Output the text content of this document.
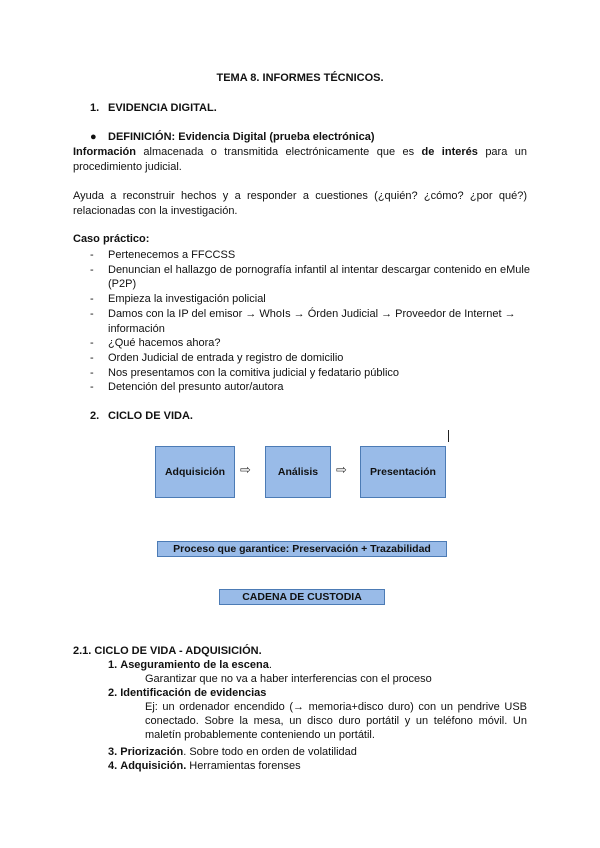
TEMA 8. INFORMES TÉCNICOS.
1. EVIDENCIA DIGITAL.
● DEFINICIÓN: Evidencia Digital (prueba electrónica)
Información almacenada o transmitida electrónicamente que es de interés para un procedimiento judicial.
Ayuda a reconstruir hechos y a responder a cuestiones (¿quién? ¿cómo? ¿por qué?) relacionadas con la investigación.
Caso práctico:
- Pertenecemos a FFCCSS
- Denuncian el hallazgo de pornografía infantil al intentar descargar contenido en eMule (P2P)
- Empieza la investigación policial
- Damos con la IP del emisor → WhoIs → Órden Judicial → Proveedor de Internet → información
- ¿Qué hacemos ahora?
- Orden Judicial de entrada y registro de domicilio
- Nos presentamos con la comitiva judicial y fedatario público
- Detención del presunto autor/autora
2. CICLO DE VIDA.
Adquisición	⇨	Análisis	⇨	Presentación
Proceso que garantice: Preservación + Trazabilidad
CADENA DE CUSTODIA
2.1. CICLO DE VIDA - ADQUISICIÓN.
1. Aseguramiento de la escena.
Garantizar que no va a haber interferencias con el proceso
2. Identificación de evidencias
Ej: un ordenador encendido (→ memoria+disco duro) con un pendrive USB conectado. Sobre la mesa, un disco duro portátil y un teléfono móvil. Un maletín probablemente conteniendo un portátil.
3. Priorización. Sobre todo en orden de volatilidad
4. Adquisición. Herramientas forenses
